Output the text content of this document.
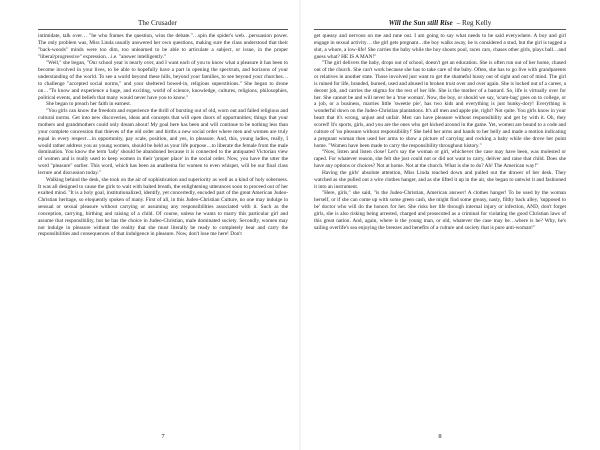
The Crusader

intimidate, talk over… "he who frames the question, wins the debate."…spin the spider's web…persuasion power. The only problem was, Miss Linda usually answered her own questions, making sure the class understood that their "back-woods" minds were too dim, too unlearned to be able to articulate a subject, or issue, in the proper "liberal/progressive" expression…i.e. "answer intelligently."

"Well," she began, "Our school year is nearly over, and I want each of you to know what a pleasure it has been to become involved in your lives, to be able to hopefully have a part in opening the spectrum, and horizons of your understanding of the world. To see a world beyond these hills, beyond your families, to see beyond your churches…to challenge "accepted social norms," and your sheltered bowed-in, religious superstitions." She began to drone on…"To know and experience a huge, and exciting, world of science, knowledge, cultures, religions, philosophies, political events, and beliefs that many would never have you to know."

She began to preach her faith in earnest.

"You girls can know the freedom and experience the thrill of bursting out of old, worn out and failed religious and cultural norms. Get into new discoveries, ideas and concepts that will open doors of opportunities; things that your mothers and grandmothers could only dream about! My goal here has been and will continue to be nothing less than your complete concession that thieves of the old order and births a new social order where men and women are truly equal in every respect…in opportunity, pay scale, position, and yes, in pleasure. And, this, young ladies, really, I would rather address you as young women, should be held as your life purpose…to liberate the female from the male domination. You know the term 'lady' should be abandoned because it is connected to the antiquated Victorian view of women and is really used to keep women in their 'proper place' in the social order. Now, you have the utter the word "pleasure" earlier. This word, which has been an anathema for women to even whisper, will be our final class lecture and discussion today."

Walking behind the desk, she took on the air of sophistication and superiority as well as a kind of holy soberness. It was all designed to cause the girls to wait with baited breath, the enlightening utterances soon to proceed out of her exalted mind. "It is a holy goal, institutionalized, identify, yet concertedly, encoded part of the great American Judeo-Christian heritage, so eloquently spoken of many. First of all, in this Judeo-Christian Culture, no one may indulge in sensual or sexual pleasure without carrying or assuming any responsibilities associated with it. Such as the conception, carrying, birthing and raising of a child. Of course, unless he wants to marry this particular girl and assume that responsibility, but he has the choice in Judeo-Christian, male dominated society. Secondly, women may not indulge in pleasure without the reality that she must literally be ready to completely bear and carry the responsibilities and consequences of that indulgence in pleasure. Now, don't lose me here! Don't

7
Will the Sun still Rise – Reg Kelly

get queasy and nervous on me and tune out. I am going to say what needs to be said everywhere. A boy and girl engage in sexual activity… the girl gets pregnant…the boy walks away, he is considered a stud, but the girl is tagged a slut, a whore, a low-life! She carries the baby while the boy shoots pool, races cars, chases other girls, plays ball…and guess what? HE IS A MAN!"

"The girl delivers the baby, drops out of school, doesn't get an education. She is often run out of her home, chased out of the church. She can't work because she has to take care of the baby. Often, she has to go live with grandparents or relatives in another state. Those involved just want to get the shameful hussy out of sight and out of mind. The girl is ruined for life, branded, burned, used and abused in broken trust over and over again. She is locked out of a career, a decent job, and carries the stigma for the rest of her life. She is the mother of a bastard. So, life is virtually over for her. She cannot be and will never be a 'true woman'. Now, the boy, or should we say, 'scum-bag' goes on to college, or a job, or a business, marries little 'sweetie pie', has two kids and everything is just hunky-dory! Everything is wonderful down on the Judeo-Christian plantations. It's all men and apple pie, right? Not quite. You girls know in your heart that it's wrong, unjust and unfair. Men can have pleasure without responsibility and get by with it. Oh, they scored! It's sports, girls, and you are the ones who get kicked around in the game. Yet, women are bound to a code and culture of 'no pleasure without responsibility!' She held her arms and hands to her belly and made a motion indicating a pregnant woman then used her arms to show a picture of carrying and rocking a baby while she drove her point home. "Women have been made to carry the responsibility throughout history."

"Now, listen and listen close! Let's say the woman or girl, whichever the case may have been, was molested or raped. For whatever reason, she felt she just could not or did not want to carry, deliver and raise that child. Does she have any options or choices? Not at home. Not at the church. What is she to do? Ah! The American way!"

Having the girls' absolute attention, Miss Linda reached down and pulled out the drawer of her desk. They watched as she pulled out a wire clothes hanger, and as she lifted it up in the air, she began to untwist it and fashioned it into an instrument.

"Here, girls," she said, "is the Judeo-Christian, American answer! A clothes hanger! To be used by the woman herself, or if she can come up with some green cash, she might find some greasy, nasty, filthy back alley, 'supposed to be' doctor who will do the honors for her. She risks her life through internal injury or infection, AND, don't forget girls, she is also risking being arrested, charged and prosecuted as a criminal for violating the good Christian laws of this great nation. And, again, where is the young man, or old, whatever the case may be…where is he? Why, he's sailing overlife's sea enjoying the breezes and benefits of a culture and society that is pure anti-woman!"

8
